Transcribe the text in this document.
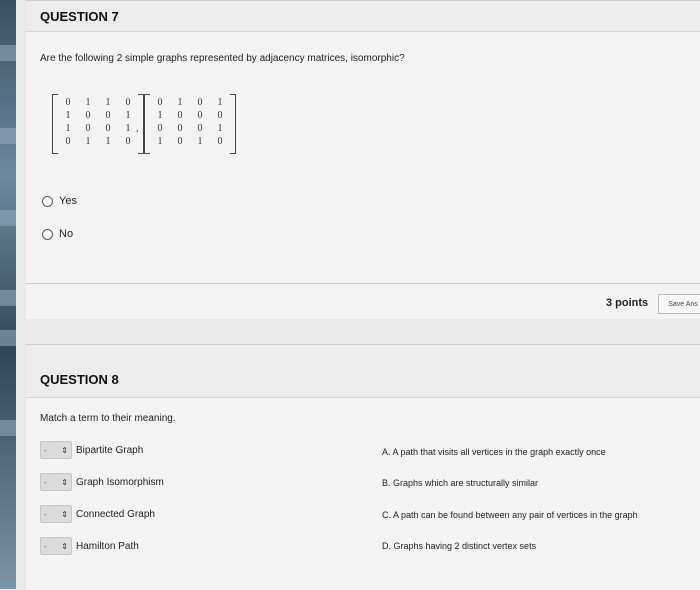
QUESTION 7
Are the following 2 simple graphs represented by adjacency matrices, isomorphic?
0	1	1	0
1	0	0	1
1	0	0	1
0	1	1	0
,
0	1	0	1
1	0	0	0
0	0	0	1
1	0	1	0
Yes
No
3 points	Save Ans
QUESTION 8
Match a term to their meaning.
- ⇕ Bipartite Graph
- ⇕ Graph Isomorphism
- ⇕ Connected Graph
- ⇕ Hamilton Path
A. A path that visits all vertices in the graph exactly once
B. Graphs which are structurally similar
C. A path can be found between any pair of vertices in the graph
D. Graphs having 2 distinct vertex sets
